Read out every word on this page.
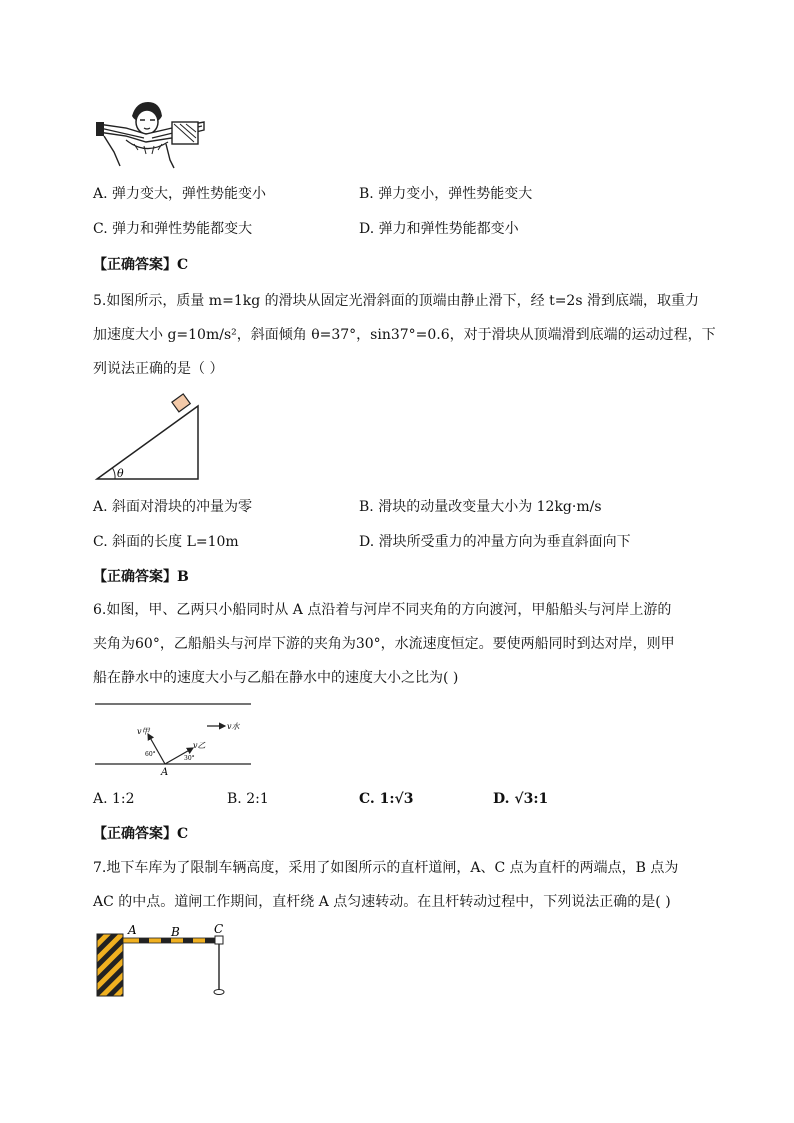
A. 弹力变大，弹性势能变小	B. 弹力变小，弹性势能变大
C. 弹力和弹性势能都变大	D. 弹力和弹性势能都变小
【正确答案】C
5.如图所示，质量 m=1kg 的滑块从固定光滑斜面的顶端由静止滑下，经 t=2s 滑到底端，取重力
加速度大小 g=10m/s²，斜面倾角 θ=37°，sin37°=0.6，对于滑块从顶端滑到底端的运动过程，下
列说法正确的是（ ）
θ
A. 斜面对滑块的冲量为零	B. 滑块的动量改变量大小为 12kg·m/s
C. 斜面的长度 L=10m	D. 滑块所受重力的冲量方向为垂直斜面向下
【正确答案】B
6.如图，甲、乙两只小船同时从 A 点沿着与河岸不同夹角的方向渡河，甲船船头与河岸上游的
夹角为60°，乙船船头与河岸下游的夹角为30°，水流速度恒定。要使两船同时到达对岸，则甲
船在静水中的速度大小与乙船在静水中的速度大小之比为( )
v甲
v乙
v水
60°
30°
A
A. 1:2	B. 2:1	C. 1:√3	D. √3:1
【正确答案】C
7.地下车库为了限制车辆高度，采用了如图所示的直杆道闸，A、C 点为直杆的两端点，B 点为
AC 的中点。道闸工作期间，直杆绕 A 点匀速转动。在且杆转动过程中，下列说法正确的是( )
A	B	C
